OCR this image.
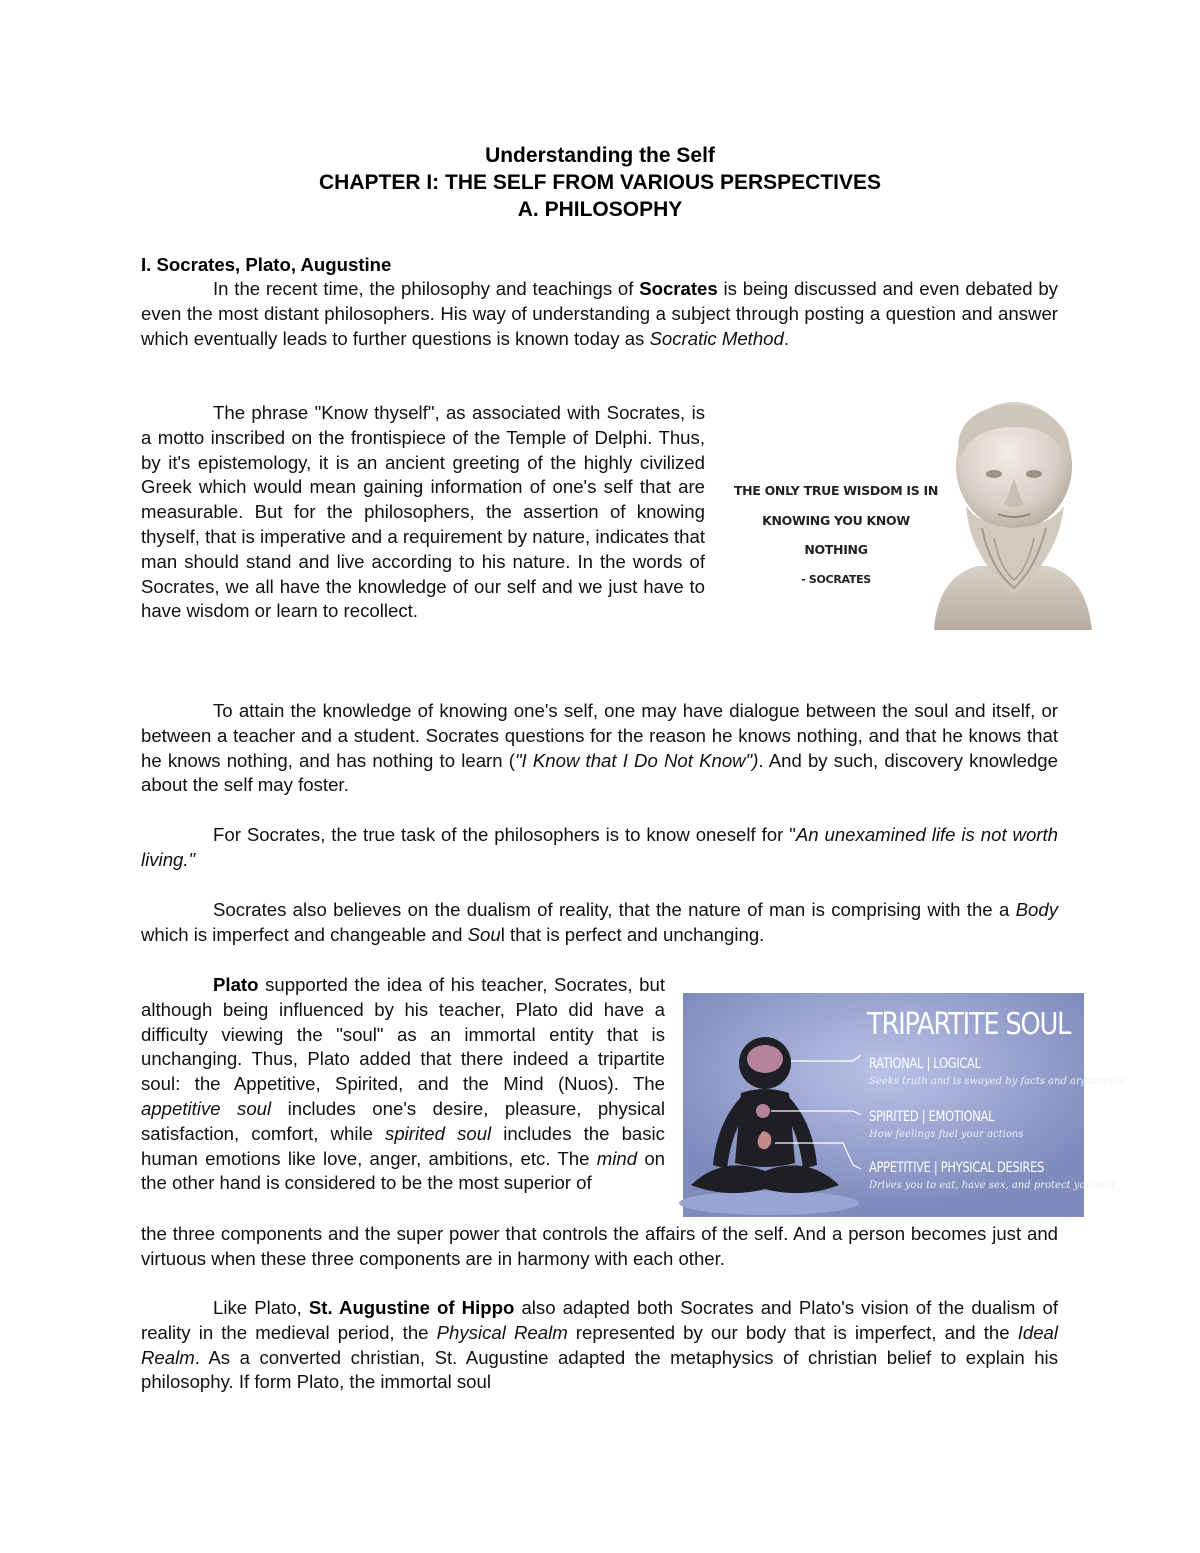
Understanding the Self
CHAPTER I: THE SELF FROM VARIOUS PERSPECTIVES
A. PHILOSOPHY
I. Socrates, Plato, Augustine

In the recent time, the philosophy and teachings of Socrates is being discussed and even debated by even the most distant philosophers. His way of understanding a subject through posting a question and answer which eventually leads to further questions is known today as Socratic Method.

The phrase "Know thyself", as associated with Socrates, is a motto inscribed on the frontispiece of the Temple of Delphi. Thus, by it's epistemology, it is an ancient greeting of the highly civilized Greek which would mean gaining information of one's self that are measurable. But for the philosophers, the assertion of knowing thyself, that is imperative and a requirement by nature, indicates that man should stand and live according to his nature. In the words of Socrates, we all have the knowledge of our self and we just have to have wisdom or learn to recollect.

THE ONLY TRUE WISDOM IS IN
KNOWING YOU KNOW
NOTHING
- SOCRATES

To attain the knowledge of knowing one's self, one may have dialogue between the soul and itself, or between a teacher and a student. Socrates questions for the reason he knows nothing, and that he knows that he knows nothing, and has nothing to learn ("I Know that I Do Not Know"). And by such, discovery knowledge about the self may foster.

For Socrates, the true task of the philosophers is to know oneself for "An unexamined life is not worth living."

Socrates also believes on the dualism of reality, that the nature of man is comprising with the a Body which is imperfect and changeable and Soul that is perfect and unchanging.

Plato supported the idea of his teacher, Socrates, but although being influenced by his teacher, Plato did have a difficulty viewing the "soul" as an immortal entity that is unchanging. Thus, Plato added that there indeed a tripartite soul: the Appetitive, Spirited, and the Mind (Nuos). The appetitive soul includes one's desire, pleasure, physical satisfaction, comfort, while spirited soul includes the basic human emotions like love, anger, ambitions, etc. The mind on the other hand is considered to be the most superior of

the three components and the super power that controls the affairs of the self. And a person becomes just and virtuous when these three components are in harmony with each other.

TRIPARTITE SOUL
RATIONAL | LOGICAL
Seeks truth and is swayed by facts and arguments
SPIRITED | EMOTIONAL
How feelings fuel your actions
APPETITIVE | PHYSICAL DESIRES
Drives you to eat, have sex, and protect yourself

Like Plato, St. Augustine of Hippo also adapted both Socrates and Plato's vision of the dualism of reality in the medieval period, the Physical Realm represented by our body that is imperfect, and the Ideal Realm. As a converted christian, St. Augustine adapted the metaphysics of christian belief to explain his philosophy. If form Plato, the immortal soul
